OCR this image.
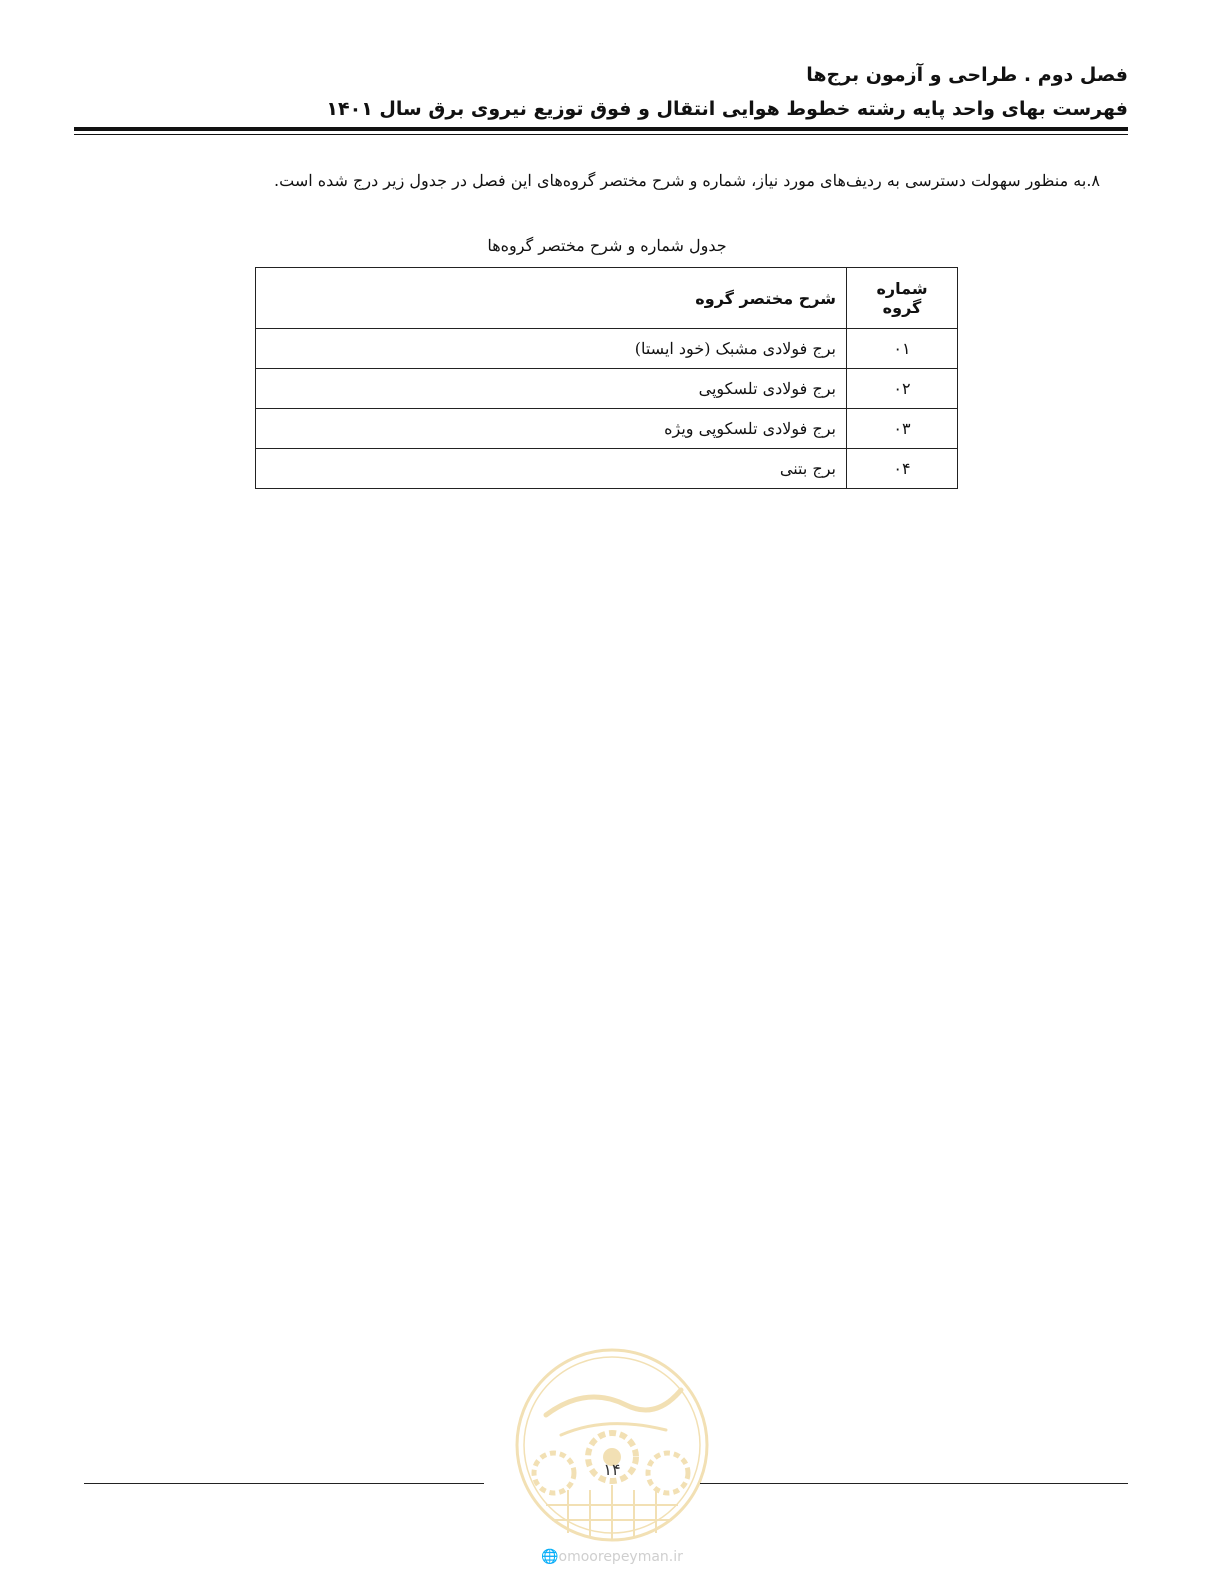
فصل دوم . طراحی و آزمون برج‌ها
فهرست بهای واحد پایه رشته خطوط هوایی انتقال و فوق توزیع نیروی برق سال ۱۴۰۱
۸.به منظور سهولت دسترسی به ردیف‌های مورد نیاز، شماره و شرح مختصر گروه‌های این فصل در جدول زیر درج شده است.
جدول شماره و شرح مختصر گروه‌ها
شماره گروه	شرح مختصر گروه
۰۱	برج فولادی مشبک (خود ایستا)
۰۲	برج فولادی تلسکوپی
۰۳	برج فولادی تلسکوپی ویژه
۰۴	برج بتنی
۱۴
🌐omoorepeyman.ir
